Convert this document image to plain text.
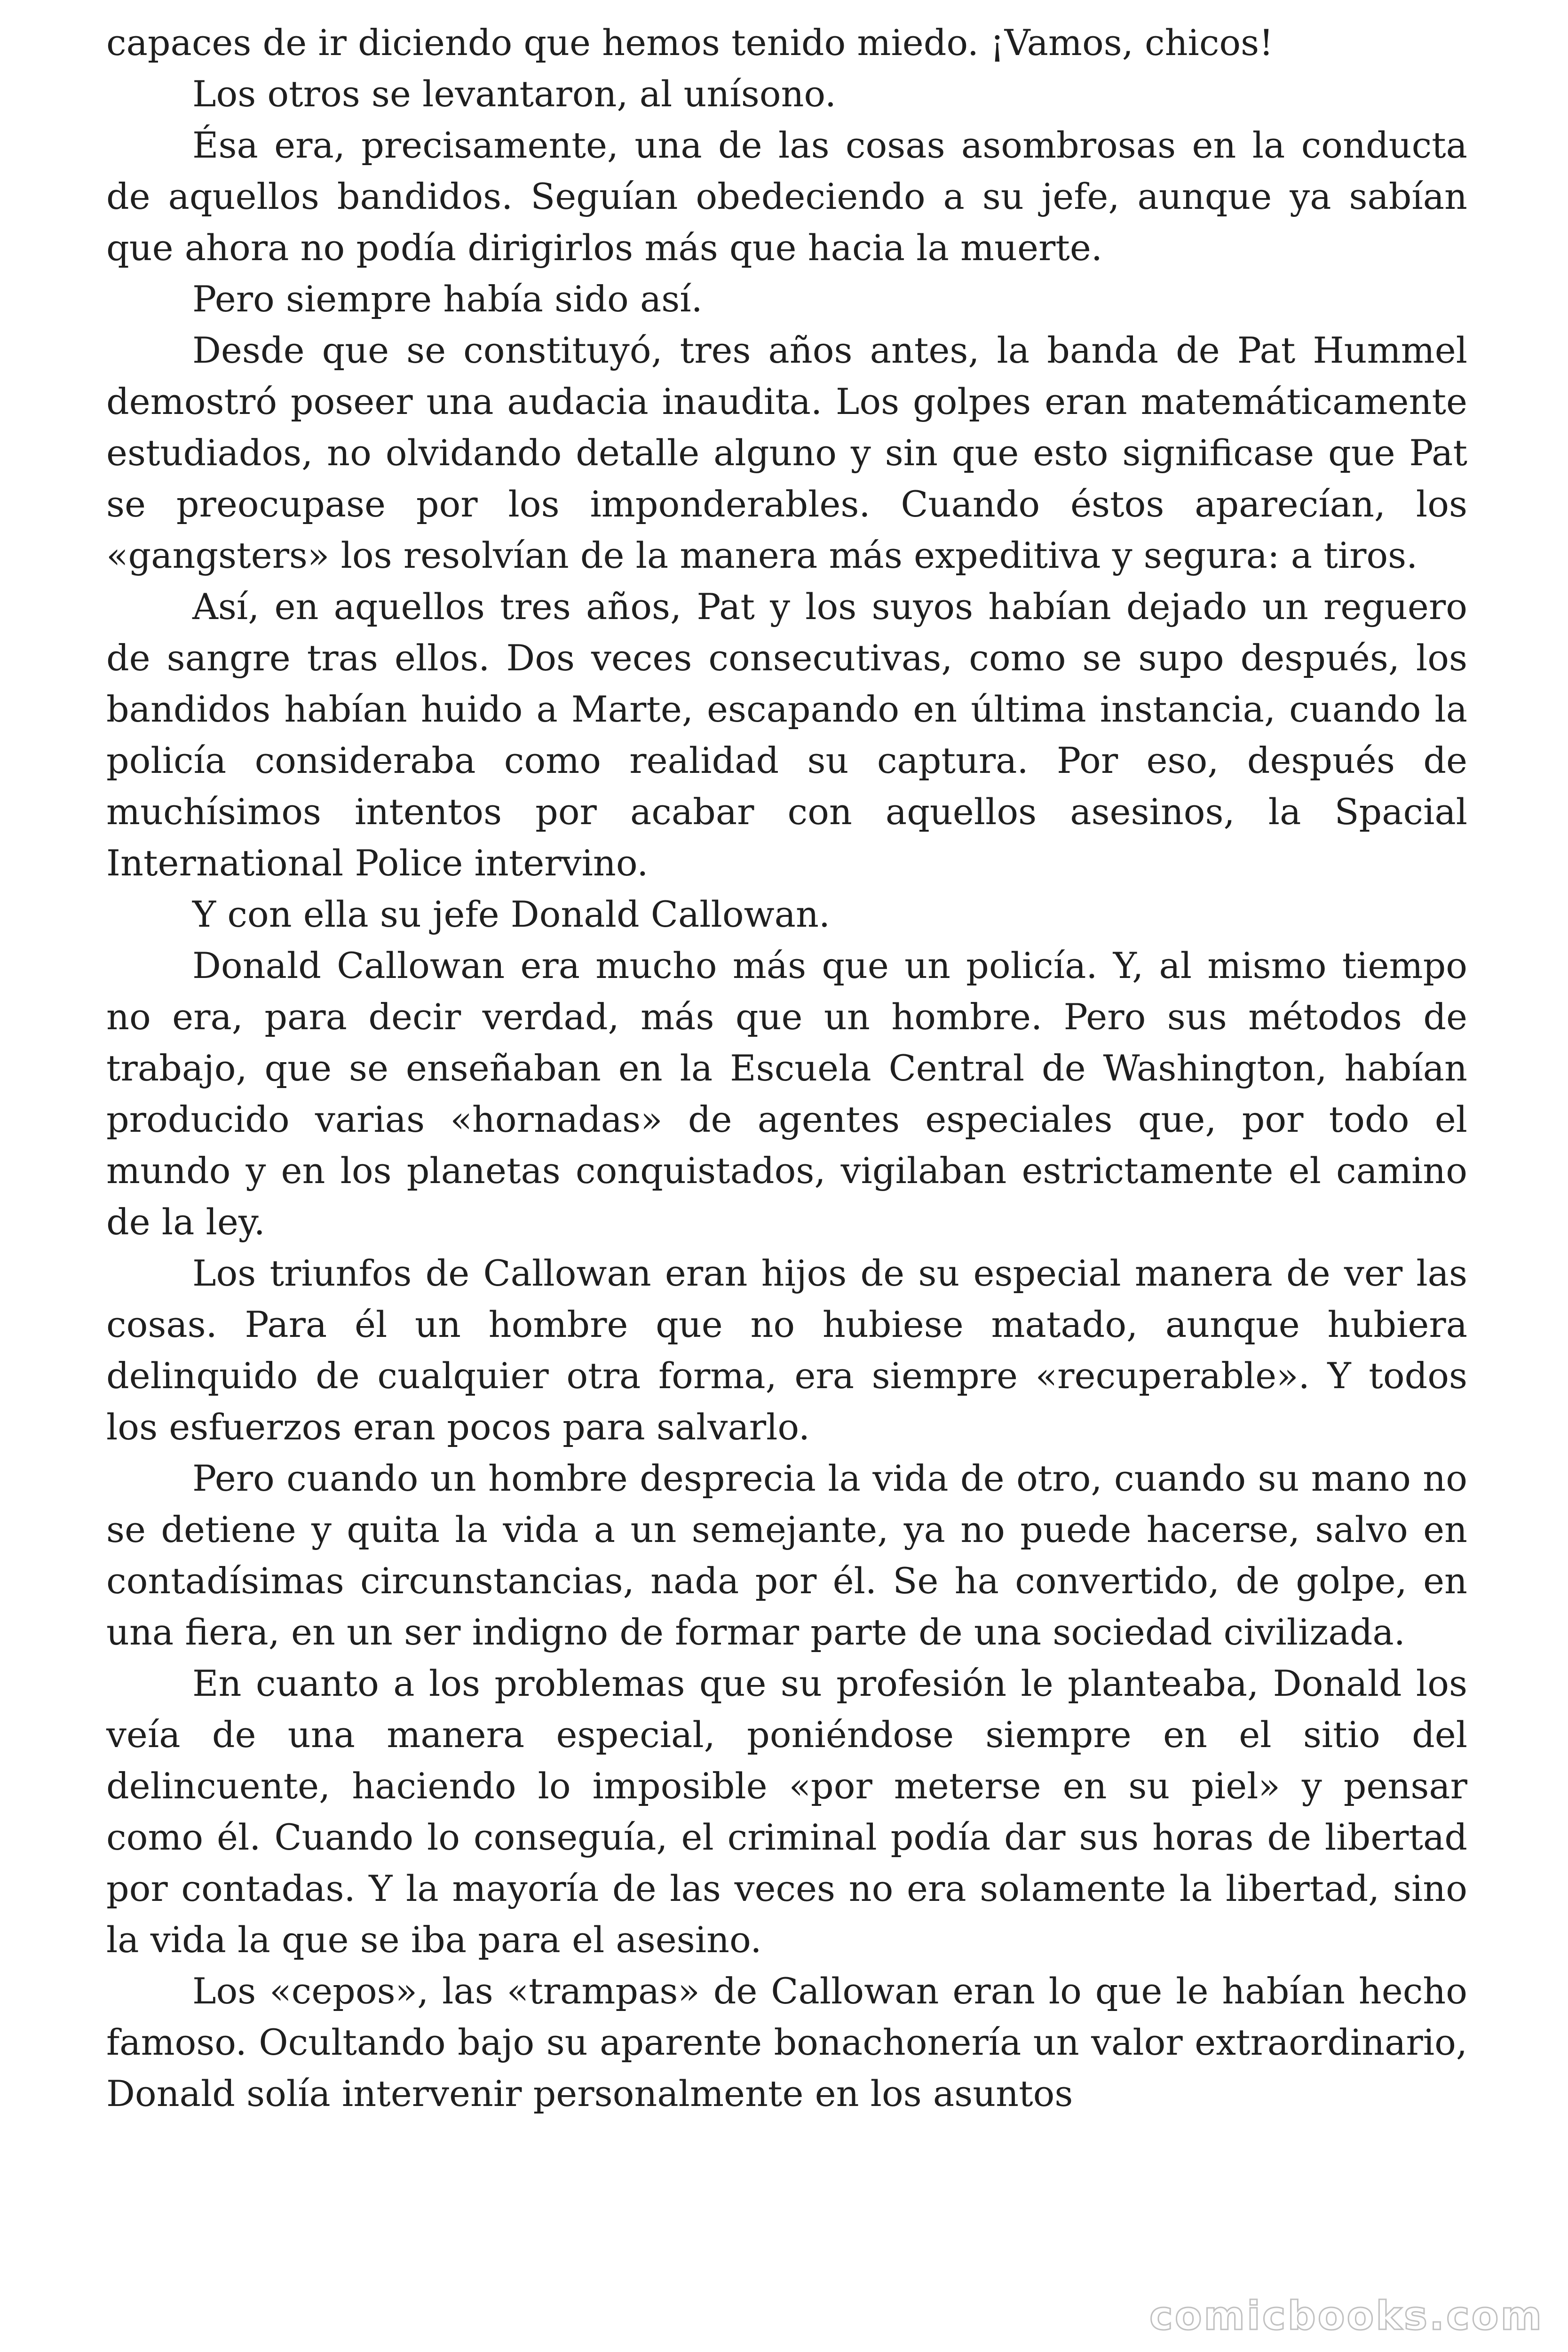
capaces de ir diciendo que hemos tenido miedo. ¡Vamos, chicos!

Los otros se levantaron, al unísono.

Ésa era, precisamente, una de las cosas asombrosas en la conducta de aquellos bandidos. Seguían obedeciendo a su jefe, aunque ya sabían que ahora no podía dirigirlos más que hacia la muerte.

Pero siempre había sido así.

Desde que se constituyó, tres años antes, la banda de Pat Hummel demostró poseer una audacia inaudita. Los golpes eran matemáticamente estudiados, no olvidando detalle alguno y sin que esto significase que Pat se preocupase por los imponderables. Cuando éstos aparecían, los «gangsters» los resolvían de la manera más expeditiva y segura: a tiros.

Así, en aquellos tres años, Pat y los suyos habían dejado un reguero de sangre tras ellos. Dos veces consecutivas, como se supo después, los bandidos habían huido a Marte, escapando en última instancia, cuando la policía consideraba como realidad su captura. Por eso, después de muchísimos intentos por acabar con aquellos asesinos, la Spacial International Police intervino.

Y con ella su jefe Donald Callowan.

Donald Callowan era mucho más que un policía. Y, al mismo tiempo no era, para decir verdad, más que un hombre. Pero sus métodos de trabajo, que se enseñaban en la Escuela Central de Washington, habían producido varias «hornadas» de agentes especiales que, por todo el mundo y en los planetas conquistados, vigilaban estrictamente el camino de la ley.

Los triunfos de Callowan eran hijos de su especial manera de ver las cosas. Para él un hombre que no hubiese matado, aunque hubiera delinquido de cualquier otra forma, era siempre «recuperable». Y todos los esfuerzos eran pocos para salvarlo.

Pero cuando un hombre desprecia la vida de otro, cuando su mano no se detiene y quita la vida a un semejante, ya no puede hacerse, salvo en contadísimas circunstancias, nada por él. Se ha convertido, de golpe, en una fiera, en un ser indigno de formar parte de una sociedad civilizada.

En cuanto a los problemas que su profesión le planteaba, Donald los veía de una manera especial, poniéndose siempre en el sitio del delincuente, haciendo lo imposible «por meterse en su piel» y pensar como él. Cuando lo conseguía, el criminal podía dar sus horas de libertad por contadas. Y la mayoría de las veces no era solamente la libertad, sino la vida la que se iba para el asesino.

Los «cepos», las «trampas» de Callowan eran lo que le habían hecho famoso. Ocultando bajo su aparente bonachonería un valor extraordinario, Donald solía intervenir personalmente en los asuntos

comicbooks.com
